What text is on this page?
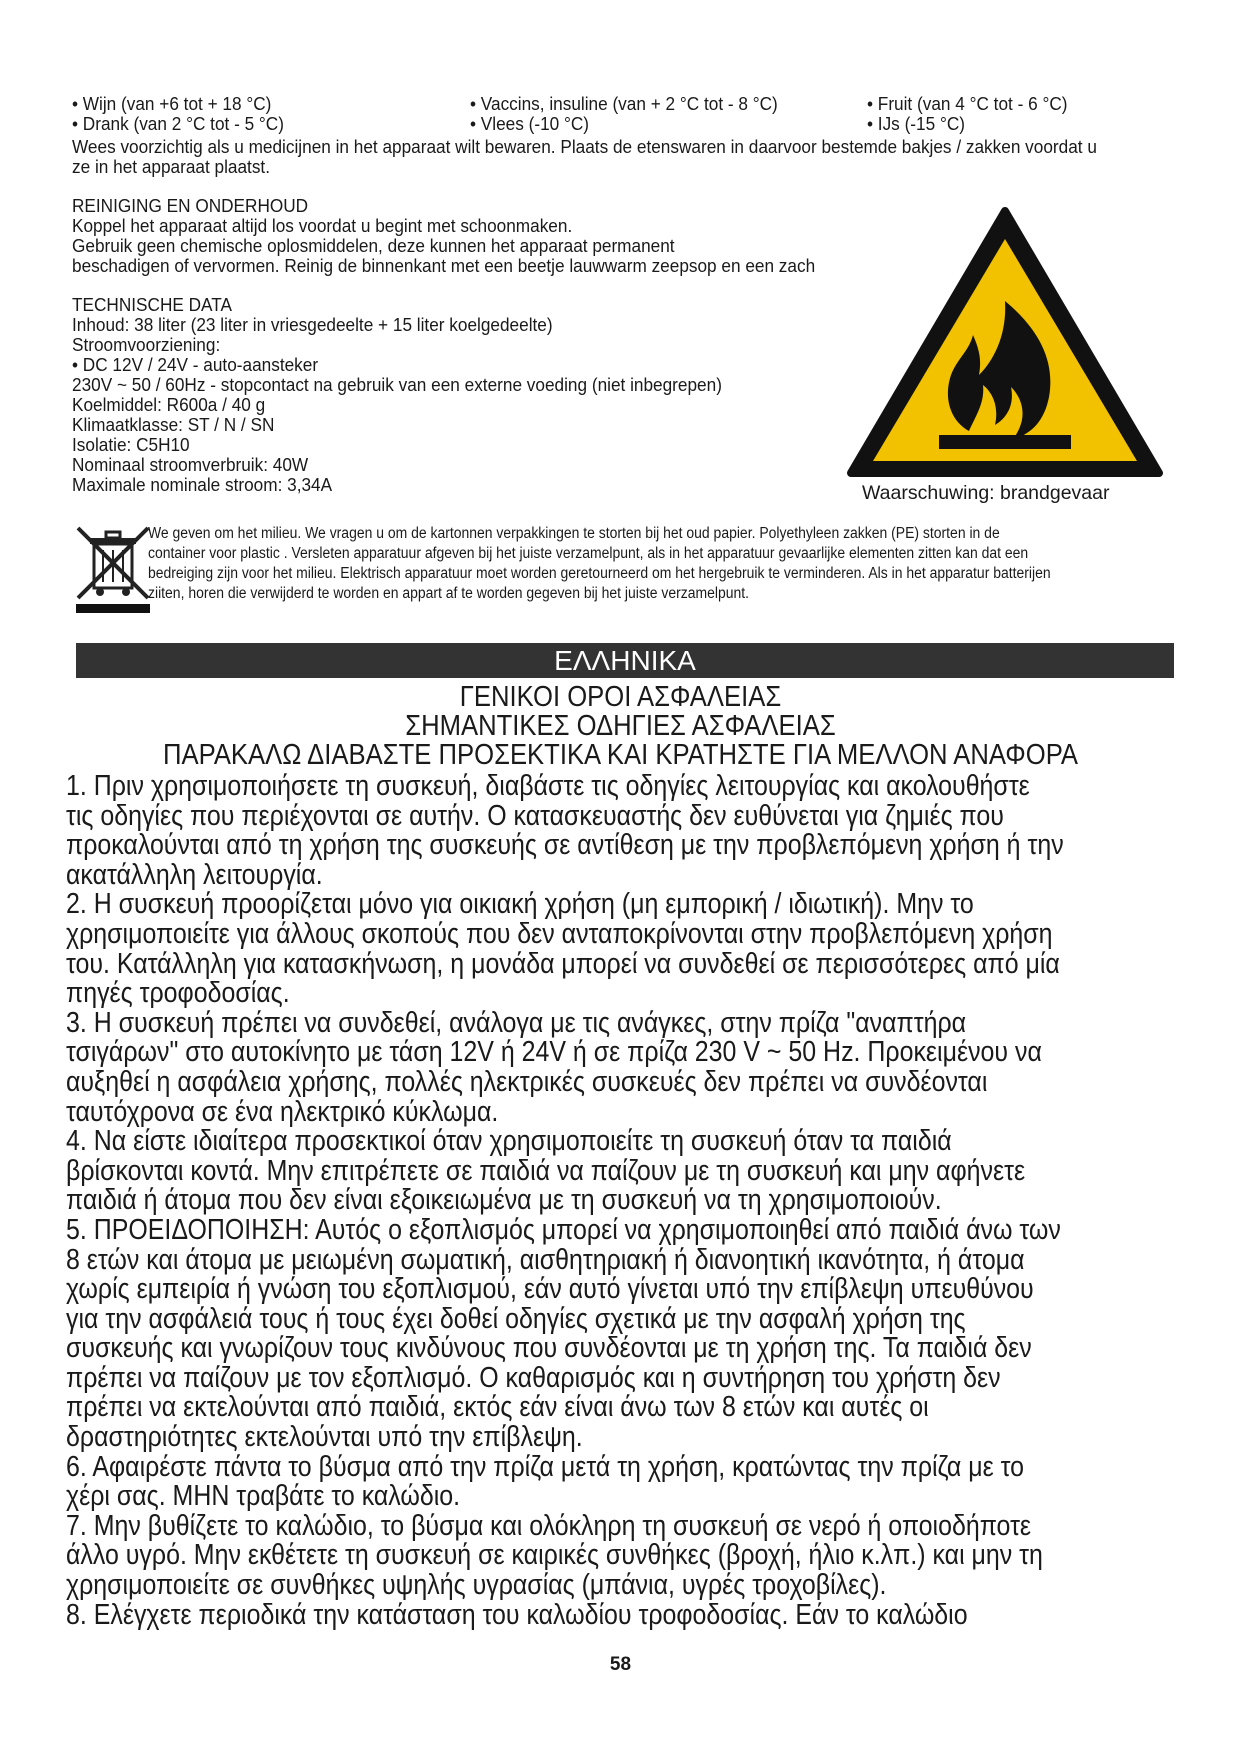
• Wijn (van +6 tot + 18 °C)
• Drank (van 2 °C tot - 5 °C)
• Vaccins, insuline (van + 2 °C tot - 8 °C)
• Vlees (-10 °C)
• Fruit (van 4 °C tot - 6 °C)
• IJs (-15 °C)
Wees voorzichtig als u medicijnen in het apparaat wilt bewaren. Plaats de etenswaren in daarvoor bestemde bakjes / zakken voordat u
ze in het apparaat plaatst.
REINIGING EN ONDERHOUD
Koppel het apparaat altijd los voordat u begint met schoonmaken.
Gebruik geen chemische oplosmiddelen, deze kunnen het apparaat permanent
beschadigen of vervormen. Reinig de binnenkant met een beetje lauwwarm zeepsop en een zach
TECHNISCHE DATA
Inhoud: 38 liter (23 liter in vriesgedeelte + 15 liter koelgedeelte)
Stroomvoorziening:
• DC 12V / 24V - auto-aansteker
230V ~ 50 / 60Hz - stopcontact na gebruik van een externe voeding (niet inbegrepen)
Koelmiddel: R600a / 40 g
Klimaatklasse: ST / N / SN
Isolatie: C5H10
Nominaal stroomverbruik: 40W
Maximale nominale stroom: 3,34A	Waarschuwing: brandgevaar
We geven om het milieu. We vragen u om de kartonnen verpakkingen te storten bij het oud papier. Polyethyleen zakken (PE) storten in de
container voor plastic . Versleten apparatuur afgeven bij het juiste verzamelpunt, als in het apparatuur gevaarlijke elementen zitten kan dat een
bedreiging zijn voor het milieu. Elektrisch apparatuur moet worden geretourneerd om het hergebruik te verminderen. Als in het apparatur batterijen
ziiten, horen die verwijderd te worden en appart af te worden gegeven bij het juiste verzamelpunt.
ΕΛΛΗΝΙΚΑ
ΓΕΝΙΚΟΙ ΟΡΟΙ ΑΣΦΑΛΕΙΑΣ
ΣΗΜΑΝΤΙΚΕΣ ΟΔΗΓΙΕΣ ΑΣΦΑΛΕΙΑΣ
ΠΑΡΑΚΑΛΩ ΔΙΑΒΑΣΤΕ ΠΡΟΣΕΚΤΙΚΑ ΚΑΙ ΚΡΑΤΗΣΤΕ ΓΙΑ ΜΕΛΛΟΝ ΑΝΑΦΟΡΑ
1. Πριν χρησιμοποιήσετε τη συσκευή, διαβάστε τις οδηγίες λειτουργίας και ακολουθήστε
τις οδηγίες που περιέχονται σε αυτήν. Ο κατασκευαστής δεν ευθύνεται για ζημιές που
προκαλούνται από τη χρήση της συσκευής σε αντίθεση με την προβλεπόμενη χρήση ή την
ακατάλληλη λειτουργία.
2. Η συσκευή προορίζεται μόνο για οικιακή χρήση (μη εμπορική / ιδιωτική). Μην το
χρησιμοποιείτε για άλλους σκοπούς που δεν ανταποκρίνονται στην προβλεπόμενη χρήση
του. Κατάλληλη για κατασκήνωση, η μονάδα μπορεί να συνδεθεί σε περισσότερες από μία
πηγές τροφοδοσίας.
3. Η συσκευή πρέπει να συνδεθεί, ανάλογα με τις ανάγκες, στην πρίζα "αναπτήρα
τσιγάρων" στο αυτοκίνητο με τάση 12V ή 24V ή σε πρίζα 230 V ~ 50 Hz. Προκειμένου να
αυξηθεί η ασφάλεια χρήσης, πολλές ηλεκτρικές συσκευές δεν πρέπει να συνδέονται
ταυτόχρονα σε ένα ηλεκτρικό κύκλωμα.
4. Να είστε ιδιαίτερα προσεκτικοί όταν χρησιμοποιείτε τη συσκευή όταν τα παιδιά
βρίσκονται κοντά. Μην επιτρέπετε σε παιδιά να παίζουν με τη συσκευή και μην αφήνετε
παιδιά ή άτομα που δεν είναι εξοικειωμένα με τη συσκευή να τη χρησιμοποιούν.
5. ΠΡΟΕΙΔΟΠΟΙΗΣΗ: Αυτός ο εξοπλισμός μπορεί να χρησιμοποιηθεί από παιδιά άνω των
8 ετών και άτομα με μειωμένη σωματική, αισθητηριακή ή διανοητική ικανότητα, ή άτομα
χωρίς εμπειρία ή γνώση του εξοπλισμού, εάν αυτό γίνεται υπό την επίβλεψη υπευθύνου
για την ασφάλειά τους ή τους έχει δοθεί οδηγίες σχετικά με την ασφαλή χρήση της
συσκευής και γνωρίζουν τους κινδύνους που συνδέονται με τη χρήση της. Τα παιδιά δεν
πρέπει να παίζουν με τον εξοπλισμό. Ο καθαρισμός και η συντήρηση του χρήστη δεν
πρέπει να εκτελούνται από παιδιά, εκτός εάν είναι άνω των 8 ετών και αυτές οι
δραστηριότητες εκτελούνται υπό την επίβλεψη.
6. Αφαιρέστε πάντα το βύσμα από την πρίζα μετά τη χρήση, κρατώντας την πρίζα με το
χέρι σας. ΜΗΝ τραβάτε το καλώδιο.
7. Μην βυθίζετε το καλώδιο, το βύσμα και ολόκληρη τη συσκευή σε νερό ή οποιοδήποτε
άλλο υγρό. Μην εκθέτετε τη συσκευή σε καιρικές συνθήκες (βροχή, ήλιο κ.λπ.) και μην τη
χρησιμοποιείτε σε συνθήκες υψηλής υγρασίας (μπάνια, υγρές τροχοβίλες).
8. Ελέγχετε περιοδικά την κατάσταση του καλωδίου τροφοδοσίας. Εάν το καλώδιο
58
